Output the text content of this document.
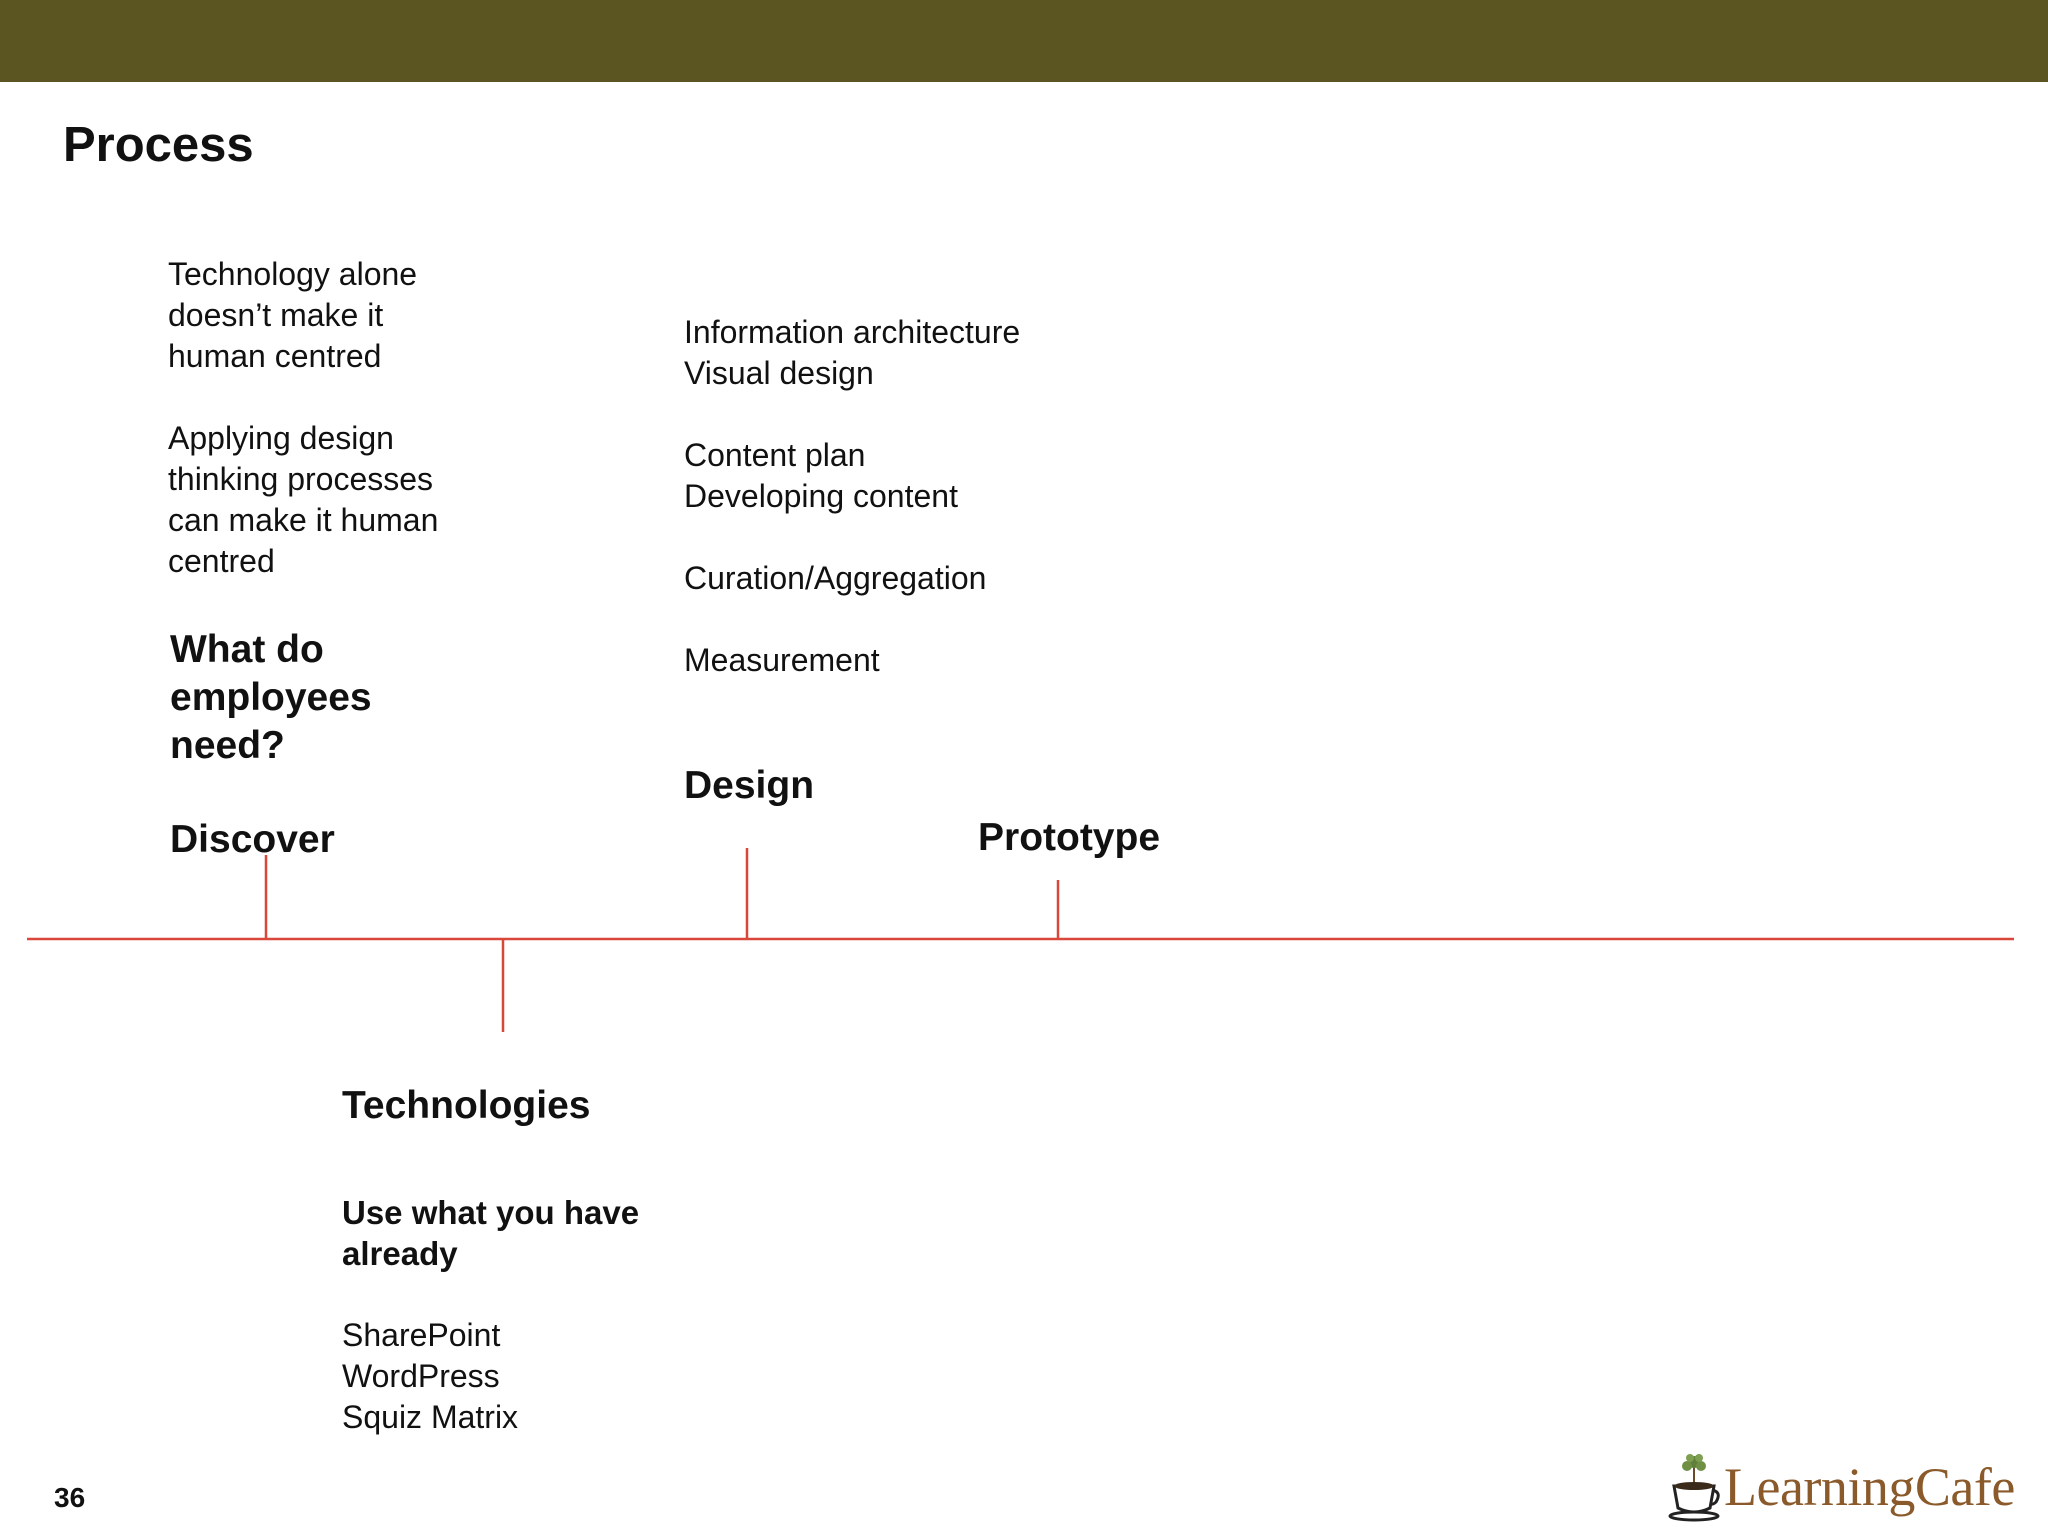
Process
Technology alone
doesn’t make it
human centred
Applying design
thinking processes
can make it human
centred
What do
employees
need?
Discover
Information architecture
Visual design
Content plan
Developing content
Curation/Aggregation
Measurement
Design
Prototype
Technologies
Use what you have
already
SharePoint
WordPress
Squiz Matrix
36	LearningCafe
